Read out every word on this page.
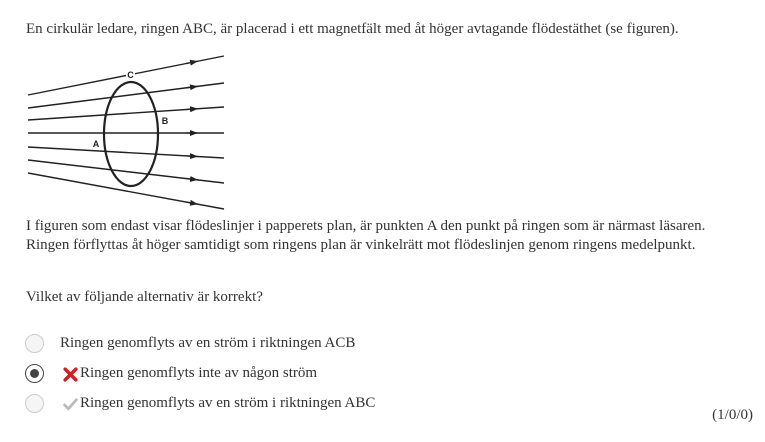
En cirkulär ledare, ringen ABC, är placerad i ett magnetfält med åt höger avtagande flödestäthet (se figuren).

C
B
A

I figuren som endast visar flödeslinjer i papperets plan, är punkten A den punkt på ringen som är närmast läsaren. Ringen förflyttas åt höger samtidigt som ringens plan är vinkelrätt mot flödeslinjen genom ringens medelpunkt.

Vilket av följande alternativ är korrekt?

Ringen genomflyts av en ström i riktningen ACB
Ringen genomflyts inte av någon ström
Ringen genomflyts av en ström i riktningen ABC
(1/0/0)
